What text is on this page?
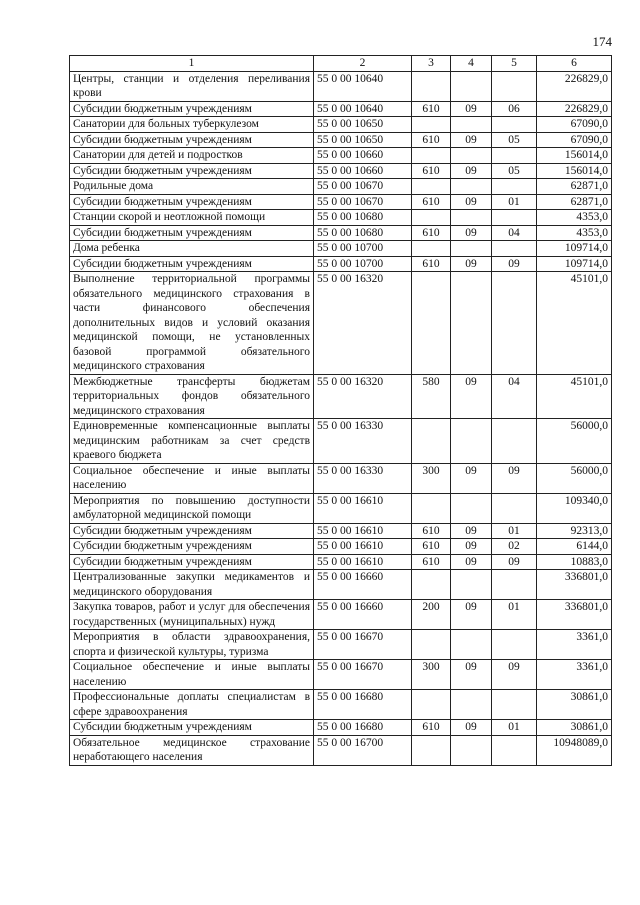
174
1	2	3	4	5	6
Центры, станции и отделения переливания крови	55 0 00 10640				226829,0
Субсидии бюджетным учреждениям	55 0 00 10640	610	09	06	226829,0
Санатории для больных туберкулезом	55 0 00 10650				67090,0
Субсидии бюджетным учреждениям	55 0 00 10650	610	09	05	67090,0
Санатории для детей и подростков	55 0 00 10660				156014,0
Субсидии бюджетным учреждениям	55 0 00 10660	610	09	05	156014,0
Родильные дома	55 0 00 10670				62871,0
Субсидии бюджетным учреждениям	55 0 00 10670	610	09	01	62871,0
Станции скорой и неотложной помощи	55 0 00 10680				4353,0
Субсидии бюджетным учреждениям	55 0 00 10680	610	09	04	4353,0
Дома ребенка	55 0 00 10700				109714,0
Субсидии бюджетным учреждениям	55 0 00 10700	610	09	09	109714,0
Выполнение территориальной программы обязательного медицинского страхования в части финансового обеспечения дополнительных видов и условий оказания медицинской помощи, не установленных базовой программой обязательного медицинского страхования	55 0 00 16320				45101,0
Межбюджетные трансферты бюджетам территориальных фондов обязательного медицинского страхования	55 0 00 16320	580	09	04	45101,0
Единовременные компенсационные выплаты медицинским работникам за счет средств краевого бюджета	55 0 00 16330				56000,0
Социальное обеспечение и иные выплаты населению	55 0 00 16330	300	09	09	56000,0
Мероприятия по повышению доступности амбулаторной медицинской помощи	55 0 00 16610				109340,0
Субсидии бюджетным учреждениям	55 0 00 16610	610	09	01	92313,0
Субсидии бюджетным учреждениям	55 0 00 16610	610	09	02	6144,0
Субсидии бюджетным учреждениям	55 0 00 16610	610	09	09	10883,0
Централизованные закупки медикаментов и медицинского оборудования	55 0 00 16660				336801,0
Закупка товаров, работ и услуг для обеспечения государственных (муниципальных) нужд	55 0 00 16660	200	09	01	336801,0
Мероприятия в области здравоохранения, спорта и физической культуры, туризма	55 0 00 16670				3361,0
Социальное обеспечение и иные выплаты населению	55 0 00 16670	300	09	09	3361,0
Профессиональные доплаты специалистам в сфере здравоохранения	55 0 00 16680				30861,0
Субсидии бюджетным учреждениям	55 0 00 16680	610	09	01	30861,0
Обязательное медицинское страхование неработающего населения	55 0 00 16700				10948089,0
